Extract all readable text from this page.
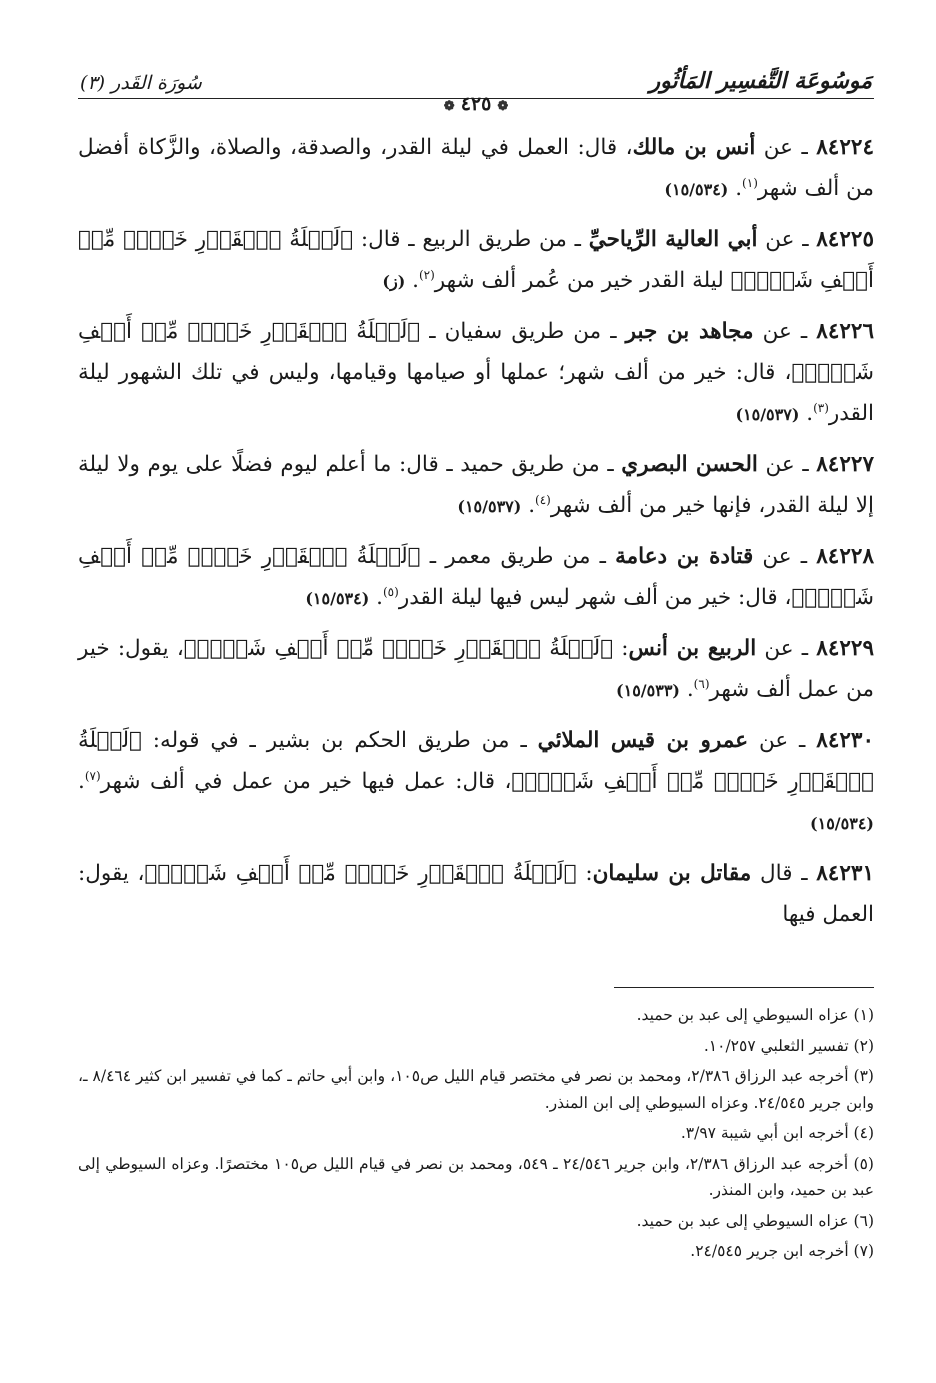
مَوسُوعَة التَّفسِير المَأثُور
سُورَة القَدر (٣)
❁ ٤٢٥ ❁

٨٤٢٢٤ ـ عن أنس بن مالك، قال: العمل في ليلة القدر، والصدقة، والصلاة، والزَّكاة أفضل من ألف شهر$^{(١)}$. (١٥/٥٣٤)

٨٤٢٢٥ ـ عن أبي العالية الرِّياحيِّ ـ من طريق الربيع ـ قال: ﴿لَيۡلَةُ ٱلۡقَدۡرِ خَيۡرٞ مِّنۡ أَلۡفِ شَهۡرٖ﴾ ليلة القدر خير من عُمر ألف شهر$^{(٢)}$. (ز)

٨٤٢٢٦ ـ عن مجاهد بن جبر ـ من طريق سفيان ـ ﴿لَيۡلَةُ ٱلۡقَدۡرِ خَيۡرٞ مِّنۡ أَلۡفِ شَهۡرٖ﴾، قال: خير من ألف شهر؛ عملها أو صيامها وقيامها، وليس في تلك الشهور ليلة القدر$^{(٣)}$. (١٥/٥٣٧)

٨٤٢٢٧ ـ عن الحسن البصري ـ من طريق حميد ـ قال: ما أعلم ليوم فضلًا على يوم ولا ليلة إلا ليلة القدر، فإنها خير من ألف شهر$^{(٤)}$. (١٥/٥٣٧)

٨٤٢٢٨ ـ عن قتادة بن دعامة ـ من طريق معمر ـ ﴿لَيۡلَةُ ٱلۡقَدۡرِ خَيۡرٞ مِّنۡ أَلۡفِ شَهۡرٖ﴾، قال: خير من ألف شهر ليس فيها ليلة القدر$^{(٥)}$. (١٥/٥٣٤)

٨٤٢٢٩ ـ عن الربيع بن أنس: ﴿لَيۡلَةُ ٱلۡقَدۡرِ خَيۡرٞ مِّنۡ أَلۡفِ شَهۡرٖ﴾، يقول: خير من عمل ألف شهر$^{(٦)}$. (١٥/٥٣٣)

٨٤٢٣٠ ـ عن عمرو بن قيس الملائي ـ من طريق الحكم بن بشير ـ في قوله: ﴿لَيۡلَةُ ٱلۡقَدۡرِ خَيۡرٞ مِّنۡ أَلۡفِ شَهۡرٖ﴾، قال: عمل فيها خير من عمل في ألف شهر$^{(٧)}$. (١٥/٥٣٤)

٨٤٢٣١ ـ قال مقاتل بن سليمان: ﴿لَيۡلَةُ ٱلۡقَدۡرِ خَيۡرٞ مِّنۡ أَلۡفِ شَهۡرٖ﴾، يقول: العمل فيها

(١) عزاه السيوطي إلى عبد بن حميد.

(٢) تفسير الثعلبي ١٠/٢٥٧.

(٣) أخرجه عبد الرزاق ٢/٣٨٦، ومحمد بن نصر في مختصر قيام الليل ص١٠٥، وابن أبي حاتم ـ كما في تفسير ابن كثير ٨/٤٦٤ ـ، وابن جرير ٢٤/٥٤٥. وعزاه السيوطي إلى ابن المنذر.

(٤) أخرجه ابن أبي شيبة ٣/٩٧.

(٥) أخرجه عبد الرزاق ٢/٣٨٦، وابن جرير ٢٤/٥٤٦ ـ ٥٤٩، ومحمد بن نصر في قيام الليل ص١٠٥ مختصرًا. وعزاه السيوطي إلى عبد بن حميد، وابن المنذر.

(٦) عزاه السيوطي إلى عبد بن حميد.

(٧) أخرجه ابن جرير ٢٤/٥٤٥.
